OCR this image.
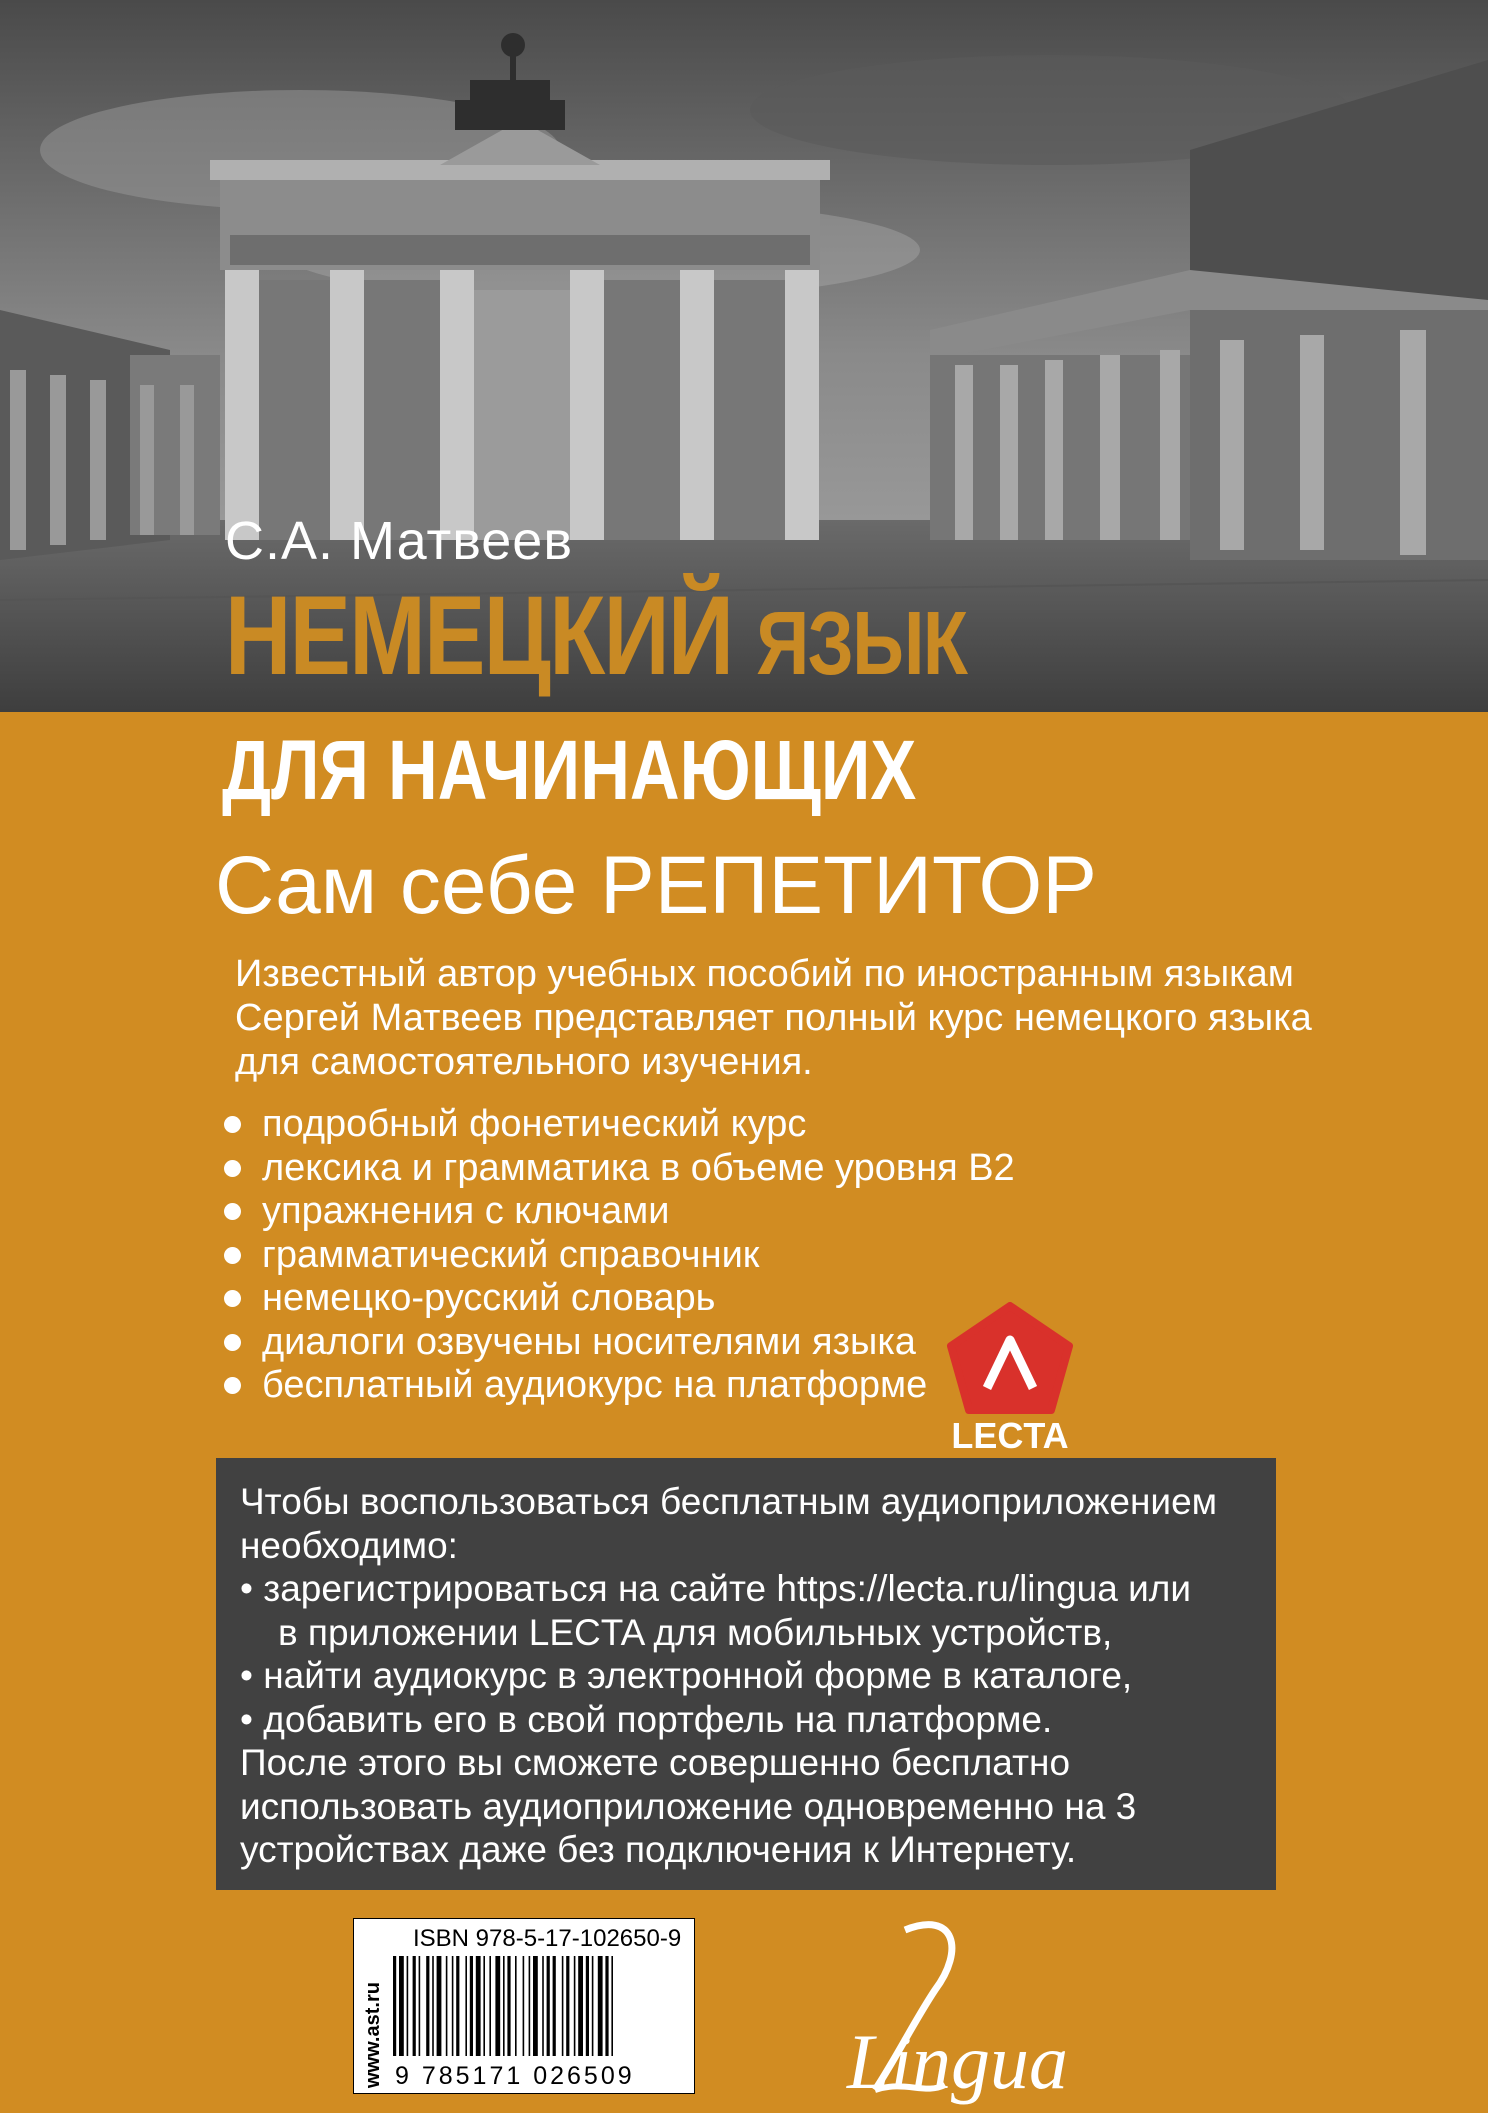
С.А. Матвеев
НЕМЕЦКИЙ ЯЗЫК
ДЛЯ НАЧИНАЮЩИХ
Сам себе РЕПЕТИТОР
Известный автор учебных пособий по иностранным языкам Сергей Матвеев представляет полный курс немецкого языка для самостоятельного изучения.
подробный фонетический курс
лексика и грамматика в объеме уровня В2
упражнения с ключами
грамматический справочник
немецко-русский словарь
диалоги озвучены носителями языка
бесплатный аудиокурс на платформе
LECTA

Чтобы воспользоваться бесплатным аудиоприложением необходимо:

• зарегистрироваться на сайте https://lecta.ru/lingua или

в приложении LECTA для мобильных устройств,

• найти аудиокурс в электронной форме в каталоге,

• добавить его в свой портфель на платформе.

После этого вы сможете совершенно бесплатно использовать аудиоприложение одновременно на 3 устройствах даже без подключения к Интернету.

www.ast.ru
ISBN 978-5-17-102650-9
9 785171 026509	Lingua
